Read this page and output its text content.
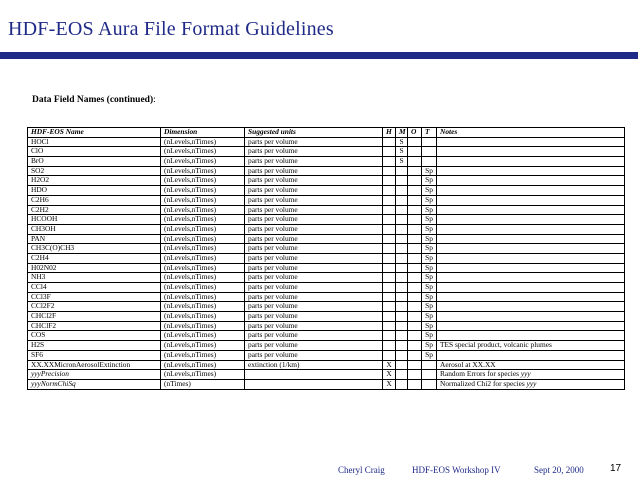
HDF-EOS Aura File Format Guidelines
Data Field Names (continued):
HDF-EOS Name	Dimension	Suggested units	H	M	O	T	Notes
HOCl	(nLevels,nTimes)	parts per volume		S			
ClO	(nLevels,nTimes)	parts per volume		S			
BrO	(nLevels,nTimes)	parts per volume		S			
SO2	(nLevels,nTimes)	parts per volume				Sp	
H2O2	(nLevels,nTimes)	parts per volume				Sp	
HDO	(nLevels,nTimes)	parts per volume				Sp	
C2H6	(nLevels,nTimes)	parts per volume				Sp	
C2H2	(nLevels,nTimes)	parts per volume				Sp	
HCOOH	(nLevels,nTimes)	parts per volume				Sp	
CH3OH	(nLevels,nTimes)	parts per volume				Sp	
PAN	(nLevels,nTimes)	parts per volume				Sp	
CH3C(O)CH3	(nLevels,nTimes)	parts per volume				Sp	
C2H4	(nLevels,nTimes)	parts per volume				Sp	
H02N02	(nLevels,nTimes)	parts per volume				Sp	
NH3	(nLevels,nTimes)	parts per volume				Sp	
CCl4	(nLevels,nTimes)	parts per volume				Sp	
CCl3F	(nLevels,nTimes)	parts per volume				Sp	
CCl2F2	(nLevels,nTimes)	parts per volume				Sp	
CHCl2F	(nLevels,nTimes)	parts per volume				Sp	
CHClF2	(nLevels,nTimes)	parts per volume				Sp	
COS	(nLevels,nTimes)	parts per volume				Sp	
H2S	(nLevels,nTimes)	parts per volume				Sp	TES special product, volcanic plumes
SF6	(nLevels,nTimes)	parts per volume				Sp	
XX.XXMicronAerosolExtinction	(nLevels,nTimes)	extinction (1/km)	X				Aerosol at XX.XX
yyyPrecision	(nLevels,nTimes)		X				Random Errors for species yyy
yyyNormChiSq	(nTimes)		X				Normalized Chi2 for species yyy
Cheryl Craig	HDF-EOS Workshop IV	Sept 20, 2000	17
